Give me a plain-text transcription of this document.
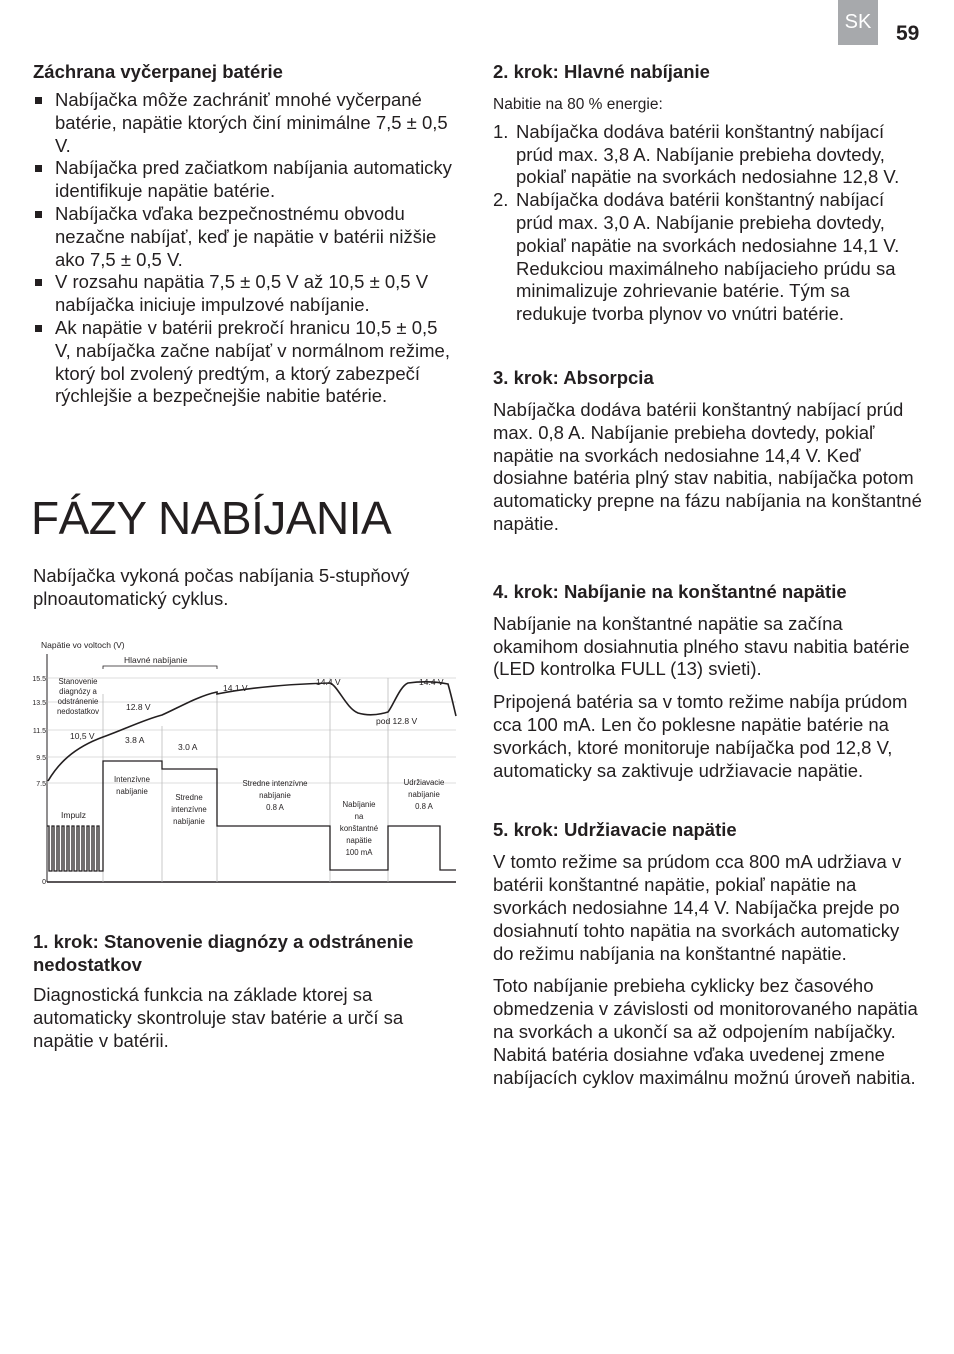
SK 59
Záchrana vyčerpanej batérie
Nabíjačka môže zachrániť mnohé vyčerpané batérie, napätie ktorých činí minimálne 7,5 ± 0,5 V.
Nabíjačka pred začiatkom nabíjania automaticky identifikuje napätie batérie.
Nabíjačka vďaka bezpečnostnému obvodu nezačne nabíjať, keď je napätie v batérii nižšie ako 7,5 ± 0,5 V.
V rozsahu napätia 7,5 ± 0,5 V až 10,5 ± 0,5 V nabíjačka iniciuje impulzové nabíjanie.
Ak napätie v batérii prekročí hranicu 10,5 ± 0,5 V, nabíjačka začne nabíjať v normálnom režime, ktorý bol zvolený predtým, a ktorý zabezpečí rýchlejšie a bezpečnejšie nabitie batérie.
FÁZY NABÍJANIA

Nabíjačka vykoná počas nabíjania 5-stupňový plnoautomatický cyklus.

Napätie vo voltoch (V)
Hlavné nabíjanie
15.5
13.5
11.5
9.5
7.5
0
Stanovenie diagnózy a odstránenie nedostatkov
Intenzívne nabíjanie
Stredne intenzívne nabíjanie
Stredne intenzívne nabíjanie 0.8 A	Nabíjanie na konštantné napätie 100 mA
Udržiavacie nabíjanie 0.8 A
10,5 V
12.8 V
3.8 A
3.0 A
14.1 V
14.4 V	14.4 V
pod 12.8 V
Impulz
1. krok: Stanovenie diagnózy a odstránenie nedostatkov

Diagnostická funkcia na základe ktorej sa automaticky skontroluje stav batérie a určí sa napätie v batérii.

2. krok: Hlavné nabíjanie

Nabitie na 80 % energie:

1. Nabíjačka dodáva batérii konštantný nabíjací prúd max. 3,8 A. Nabíjanie prebieha dovtedy, pokiaľ napätie na svorkách nedosiahne 12,8 V.
2. Nabíjačka dodáva batérii konštantný nabíjací prúd max. 3,0 A. Nabíjanie prebieha dovtedy, pokiaľ napätie na svorkách nedosiahne 14,1 V. Redukciou maximálneho nabíjacieho prúdu sa minimalizuje zohrievanie batérie. Tým sa redukuje tvorba plynov vo vnútri batérie.
3. krok: Absorpcia

Nabíjačka dodáva batérii konštantný nabíjací prúd max. 0,8 A. Nabíjanie prebieha dovtedy, pokiaľ napätie na svorkách nedosiahne 14,4 V. Keď dosiahne batéria plný stav nabitia, nabíjačka potom automaticky prepne na fázu nabíjania na konštantné napätie.

4. krok: Nabíjanie na konštantné napätie

Nabíjanie na konštantné napätie sa začína okamihom dosiahnutia plného stavu nabitia batérie (LED kontrolka FULL (13) svieti).

Pripojená batéria sa v tomto režime nabíja prúdom cca 100 mA. Len čo poklesne napätie batérie na svorkách, ktoré monitoruje nabíjačka pod 12,8 V, automaticky sa zaktivuje udržiavacie napätie.

5. krok: Udržiavacie napätie

V tomto režime sa prúdom cca 800 mA udržiava v batérii konštantné napätie, pokiaľ napätie na svorkách nedosiahne 14,4 V. Nabíjačka prejde po dosiahnutí tohto napätia na svorkách automaticky do režimu nabíjania na konštantné napätie.

Toto nabíjanie prebieha cyklicky bez časového obmedzenia v závislosti od monitorovaného napätia na svorkách a ukončí sa až odpojením nabíjačky. Nabitá batéria dosiahne vďaka uvedenej zmene nabíjacích cyklov maximálnu možnú úroveň nabitia.
